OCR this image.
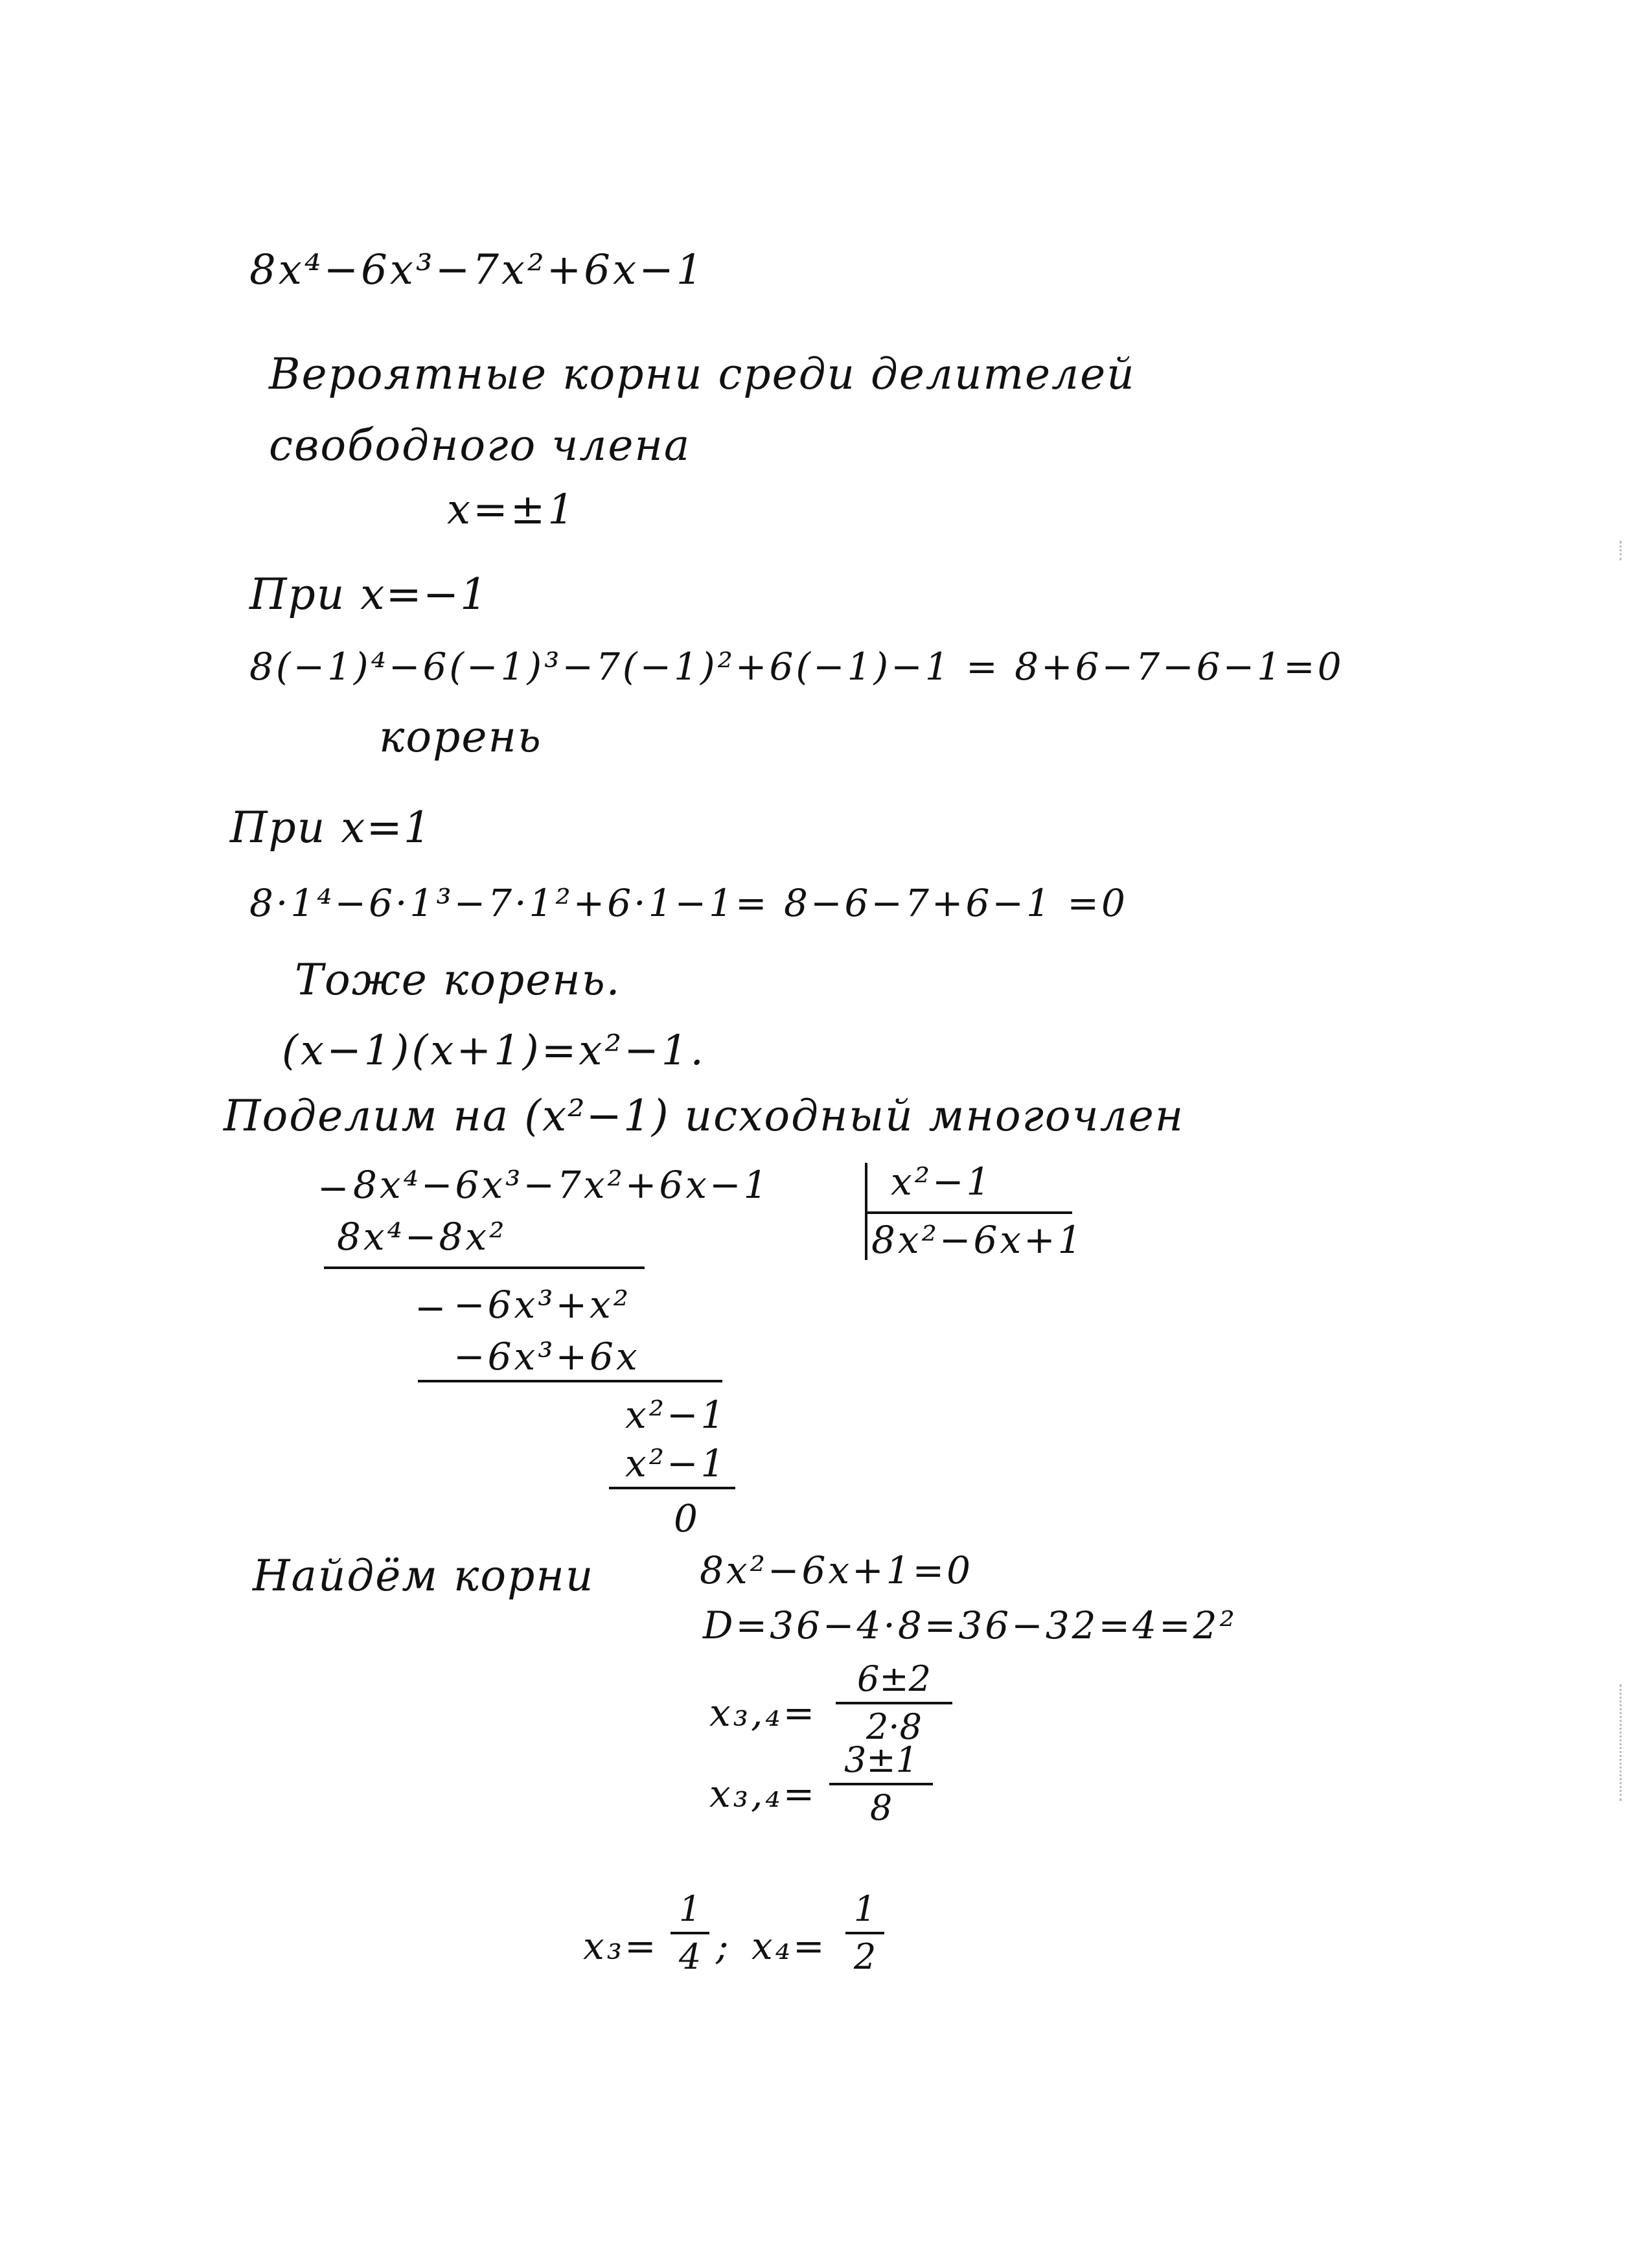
8x⁴−6x³−7x²+6x−1
Вероятные корни среди делителей
свободного члена
x=±1
При x=−1
8(−1)⁴−6(−1)³−7(−1)²+6(−1)−1 = 8+6−7−6−1=0
корень
При x=1
8·1⁴−6·1³−7·1²+6·1−1= 8−6−7+6−1 =0
Тоже корень.
(x−1)(x+1)=x²−1.
Поделим на (x²−1) исходный многочлен
− 8x⁴−6x³−7x²+6x−1	x²−1
8x²−6x+1
8x⁴−8x²
− −6x³+x²
−6x³+6x
x²−1
x²−1
0
Найдём корни	8x²−6x+1=0
D=36−4·8=36−32=4=2²
x₃,₄=
6±2
2·8
x₃,₄=
3±1
8
x₃=
1
4 ; x₄=
1
2
